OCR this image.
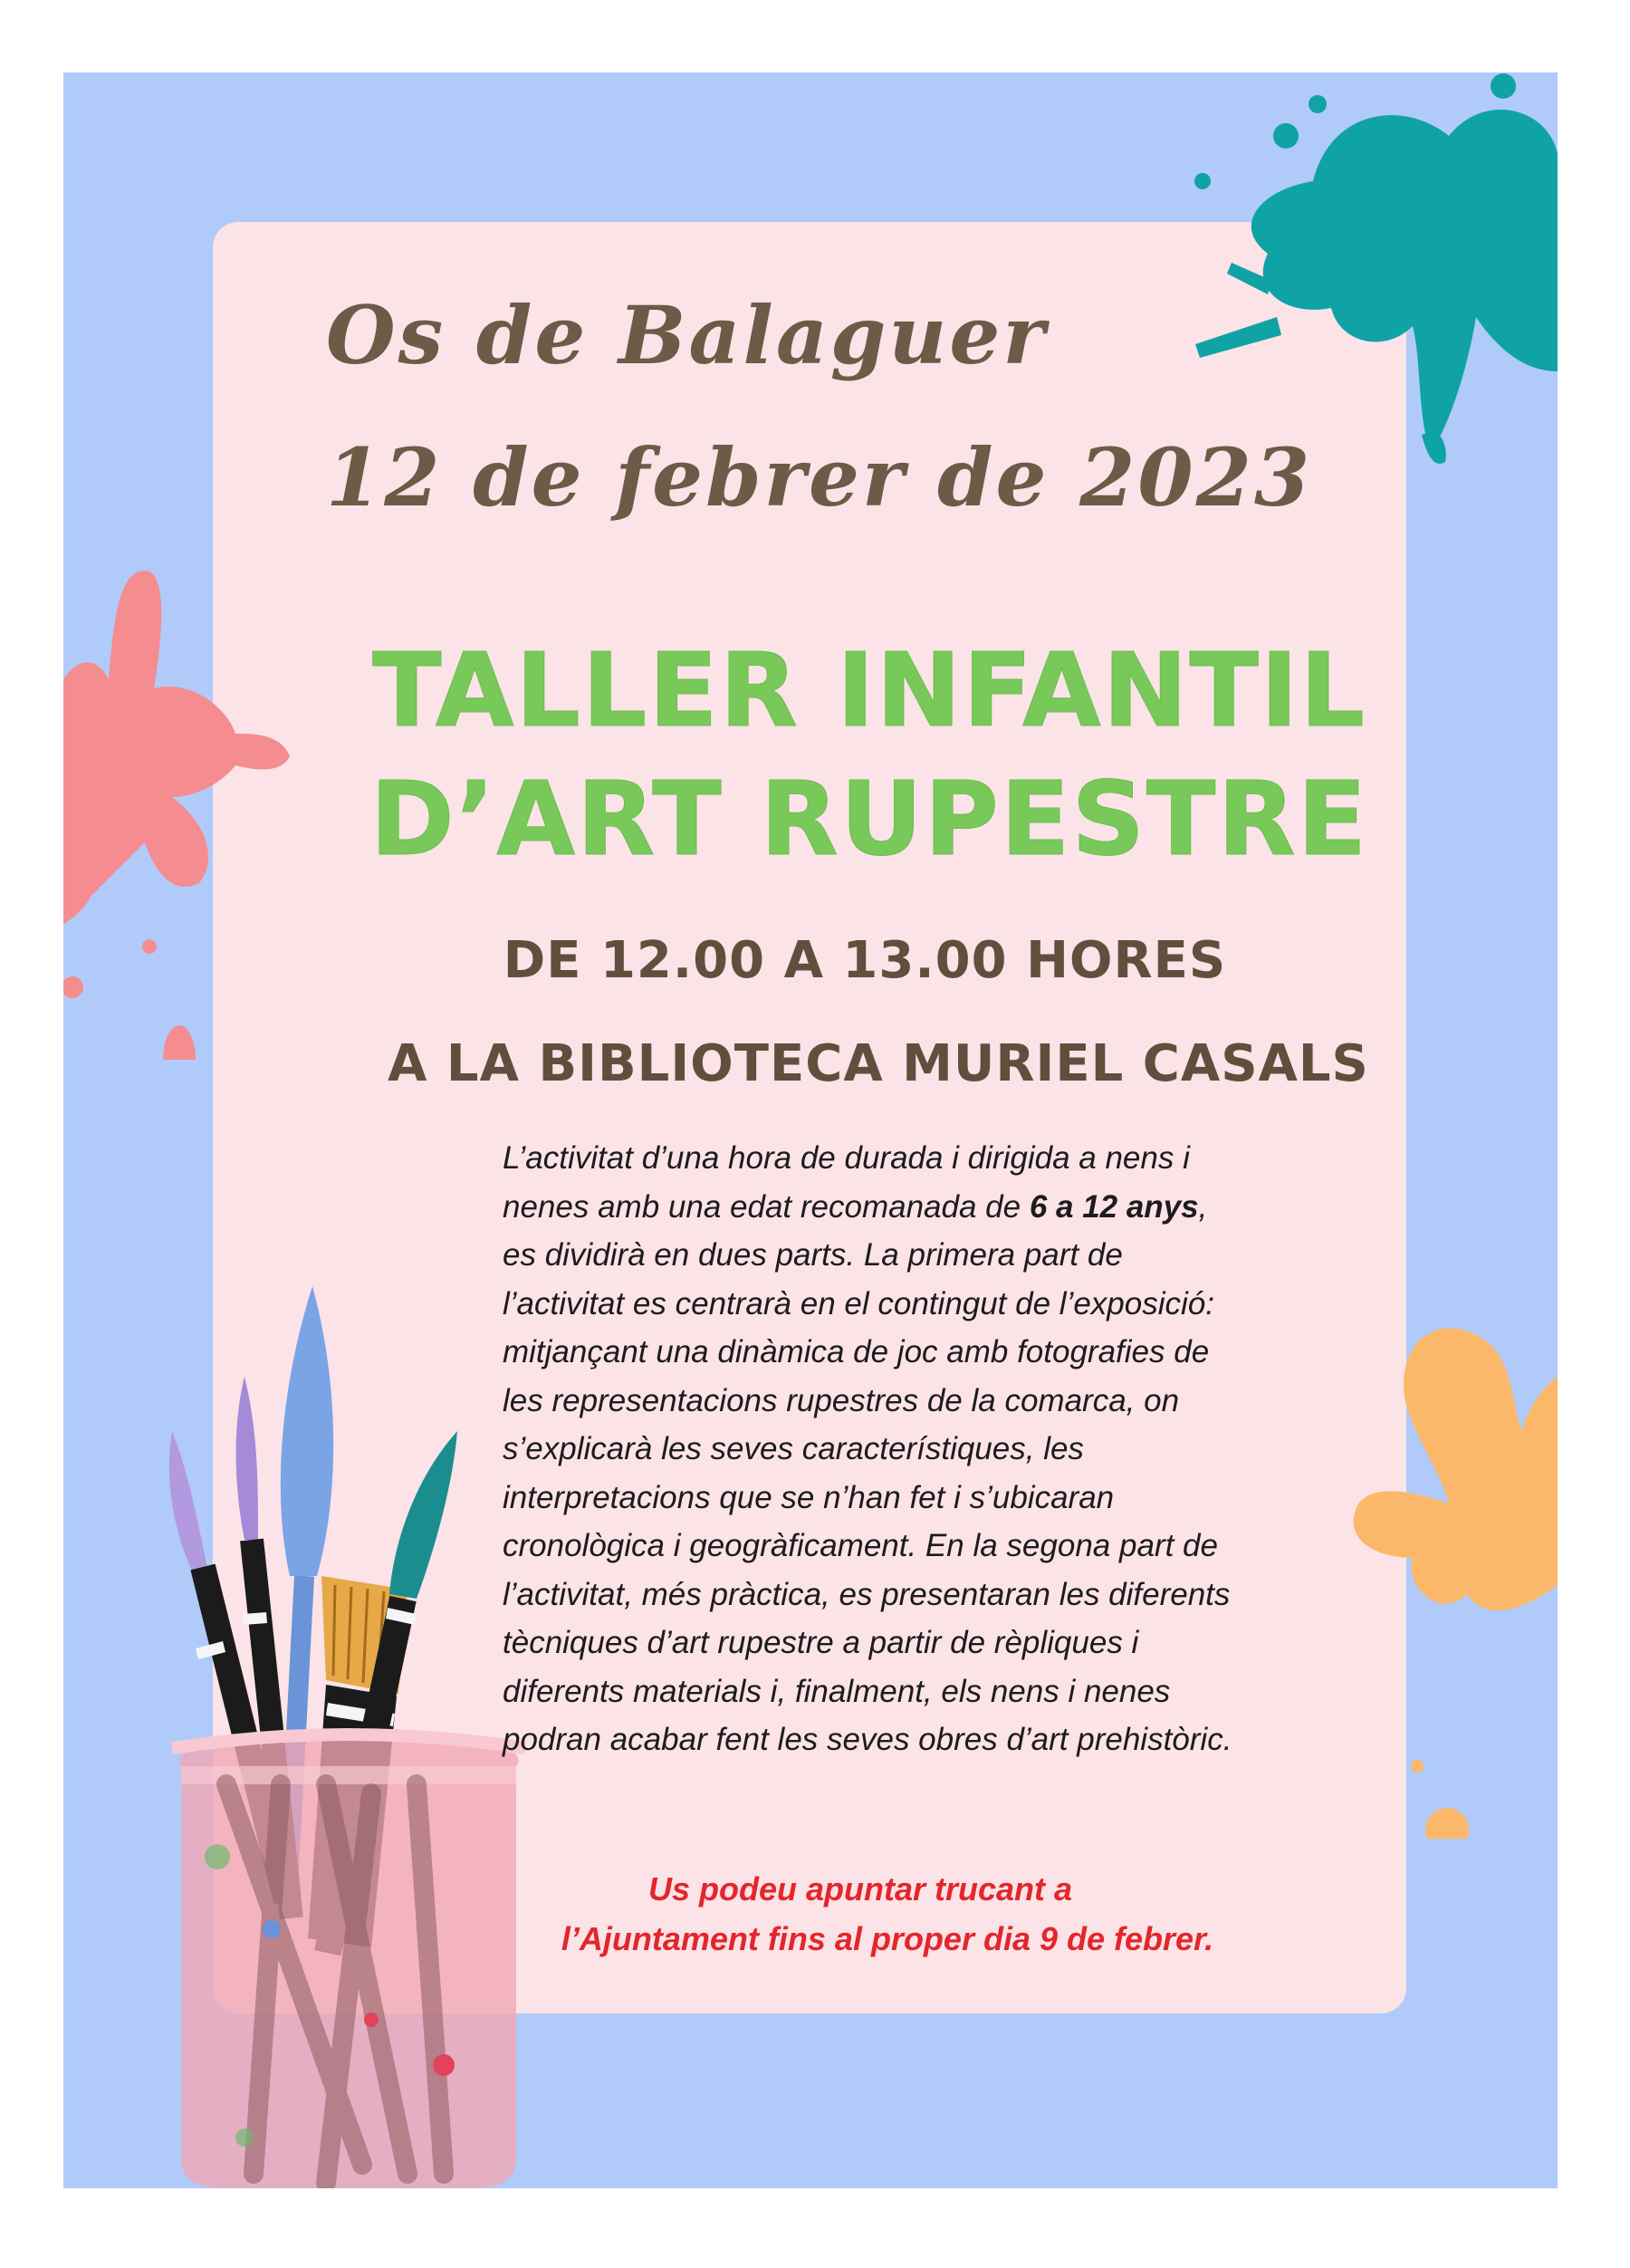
Os de Balaguer
12 de febrer de 2023
TALLER INFANTIL
D’ART RUPESTRE
DE 12.00 A 13.00 HORES
A LA BIBLIOTECA MURIEL CASALS
L’activitat d’una hora de durada i dirigida a nens i
nenes amb una edat recomanada de 6 a 12 anys,
es dividirà en dues parts. La primera part de
l’activitat es centrarà en el contingut de l’exposició:
mitjançant una dinàmica de joc amb fotografies de
les representacions rupestres de la comarca, on
s’explicarà les seves característiques, les
interpretacions que se n’han fet i s’ubicaran
cronològica i geogràficament. En la segona part de
l’activitat, més pràctica, es presentaran les diferents
tècniques d’art rupestre a partir de rèpliques i
diferents materials i, finalment, els nens i nenes
podran acabar fent les seves obres d’art prehistòric.
Us podeu apuntar trucant a
l’Ajuntament fins al proper dia 9 de febrer.
